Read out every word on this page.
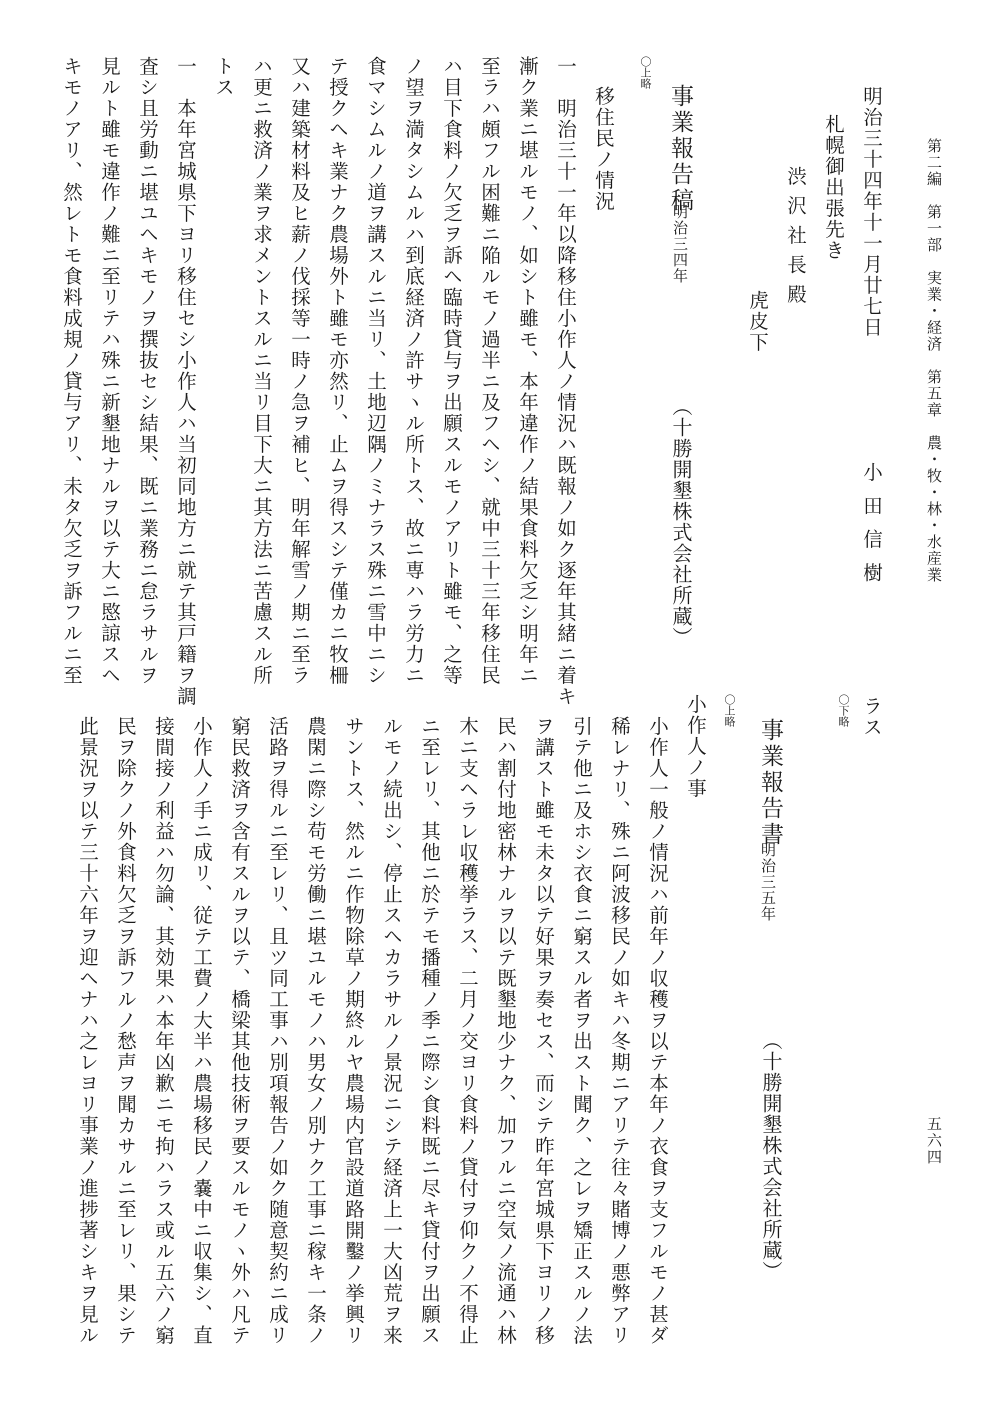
第二編　第一部　実業・経済　第五章　農・牧・林・水産業
五六四
明治三十四年十一月廿七日
小田信樹
札幌御出張先き
渋沢社長殿
虎皮下
〇上略
事業報告稿
明治三四年
（十勝開墾株式会社所蔵）
移住民ノ情況
一　明治三十一年以降移住小作人ノ情況ハ既報ノ如ク逐年其緒ニ着キ
漸ク業ニ堪ルモノ、如シト雖モ、本年違作ノ結果食料欠乏シ明年ニ
至ラハ頗フル困難ニ陥ルモノ過半ニ及フヘシ、就中三十三年移住民
ハ目下食料ノ欠乏ヲ訴ヘ臨時貸与ヲ出願スルモノアリト雖モ、之等
ノ望ヲ満タシムルハ到底経済ノ許サヽル所トス、故ニ専ハラ労力ニ
食マシムルノ道ヲ講スルニ当リ、土地辺隅ノミナラス殊ニ雪中ニシ
テ授クヘキ業ナク農場外ト雖モ亦然リ、止ムヲ得スシテ僅カニ牧柵
又ハ建築材料及ヒ薪ノ伐採等一時ノ急ヲ補ヒ、明年解雪ノ期ニ至ラ
ハ更ニ救済ノ業ヲ求メントスルニ当リ目下大ニ其方法ニ苦慮スル所
トス
一　本年宮城県下ヨリ移住セシ小作人ハ当初同地方ニ就テ其戸籍ヲ調
査シ且労動ニ堪ユヘキモノヲ撰抜セシ結果、既ニ業務ニ怠ラサルヲ
見ルト雖モ違作ノ難ニ至リテハ殊ニ新墾地ナルヲ以テ大ニ愍諒スヘ
キモノアリ、然レトモ食料成規ノ貸与アリ、未タ欠乏ヲ訴フルニ至
ラス
〇下略
事業報告書
明治三五年
（十勝開墾株式会社所蔵）
〇上略
小作人ノ事
小作人一般ノ情況ハ前年ノ収穫ヲ以テ本年ノ衣食ヲ支フルモノ甚ダ
稀レナリ、殊ニ阿波移民ノ如キハ冬期ニアリテ往々賭博ノ悪弊アリ
引テ他ニ及ホシ衣食ニ窮スル者ヲ出スト聞ク、之レヲ矯正スルノ法
ヲ講スト雖モ未タ以テ好果ヲ奏セス、而シテ昨年宮城県下ヨリノ移
民ハ割付地密林ナルヲ以テ既墾地少ナク、加フルニ空気ノ流通ハ林
木ニ支ヘラレ収穫挙ラス、二月ノ交ヨリ食料ノ貸付ヲ仰クノ不得止
ニ至レリ、其他ニ於テモ播種ノ季ニ際シ食料既ニ尽キ貸付ヲ出願ス
ルモノ続出シ、停止スヘカラサルノ景況ニシテ経済上一大凶荒ヲ来
サントス、然ルニ作物除草ノ期終ルヤ農場内官設道路開鑿ノ挙興リ
農閑ニ際シ苟モ労働ニ堪ユルモノハ男女ノ別ナク工事ニ稼キ一条ノ
活路ヲ得ルニ至レリ、且ツ同工事ハ別項報告ノ如ク随意契約ニ成リ
窮民救済ヲ含有スルヲ以テ、橋梁其他技術ヲ要スルモノヽ外ハ凡テ
小作人ノ手ニ成リ、従テ工費ノ大半ハ農場移民ノ嚢中ニ収集シ、直
接間接ノ利益ハ勿論、其効果ハ本年凶歉ニモ拘ハラス或ル五六ノ窮
民ヲ除クノ外食料欠乏ヲ訴フルノ愁声ヲ聞カサルニ至レリ、果シテ
此景況ヲ以テ三十六年ヲ迎ヘナハ之レヨリ事業ノ進捗著シキヲ見ル
